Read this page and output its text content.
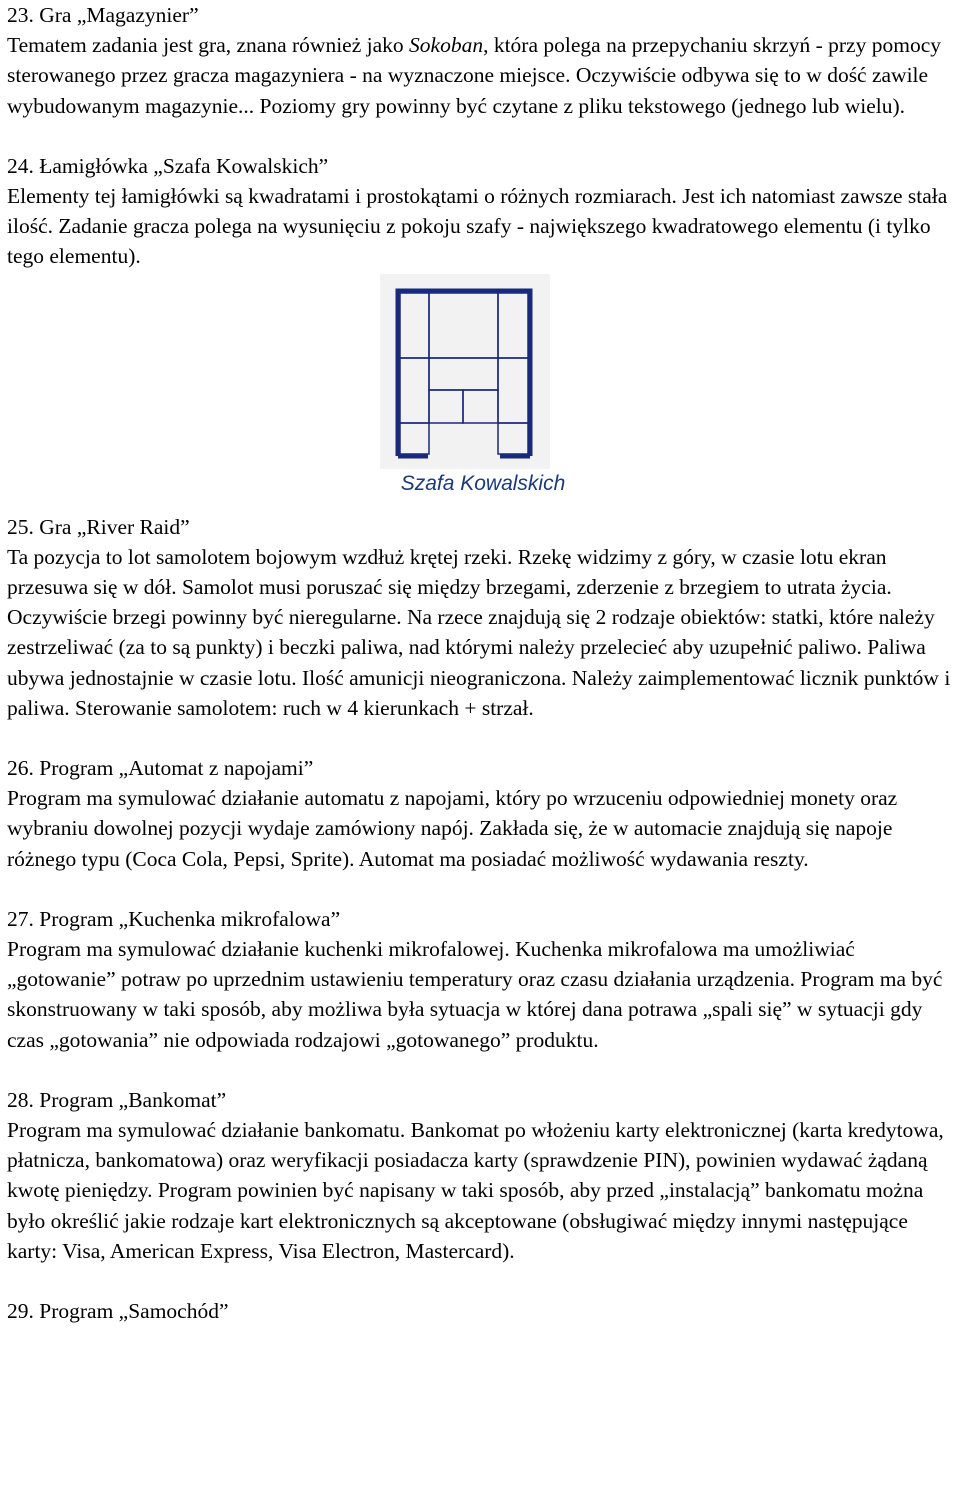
23. Gra „Magazynier”
Tematem zadania jest gra, znana również jako Sokoban, która polega na przepychaniu skrzyń - przy pomocy sterowanego przez gracza magazyniera - na wyznaczone miejsce. Oczywiście odbywa się to w dość zawile wybudowanym magazynie... Poziomy gry powinny być czytane z pliku tekstowego (jednego lub wielu).
24. Łamigłówka „Szafa Kowalskich”
Elementy tej łamigłówki są kwadratami i prostokątami o różnych rozmiarach. Jest ich natomiast zawsze stała ilość. Zadanie gracza polega na wysunięciu z pokoju szafy - największego kwadratowego elementu (i tylko tego elementu).
Szafa Kowalskich
25. Gra „River Raid”
Ta pozycja to lot samolotem bojowym wzdłuż krętej rzeki. Rzekę widzimy z góry, w czasie lotu ekran przesuwa się w dół. Samolot musi poruszać się między brzegami, zderzenie z brzegiem to utrata życia. Oczywiście brzegi powinny być nieregularne. Na rzece znajdują się 2 rodzaje obiektów: statki, które należy zestrzeliwać (za to są punkty) i beczki paliwa, nad którymi należy przelecieć aby uzupełnić paliwo. Paliwa ubywa jednostajnie w czasie lotu. Ilość amunicji nieograniczona. Należy zaimplementować licznik punktów i paliwa. Sterowanie samolotem: ruch w 4 kierunkach + strzał.
26. Program „Automat z napojami”
Program ma symulować działanie automatu z napojami, który po wrzuceniu odpowiedniej monety oraz wybraniu dowolnej pozycji wydaje zamówiony napój. Zakłada się, że w automacie znajdują się napoje różnego typu (Coca Cola, Pepsi, Sprite). Automat ma posiadać możliwość wydawania reszty.
27. Program „Kuchenka mikrofalowa”
Program ma symulować działanie kuchenki mikrofalowej. Kuchenka mikrofalowa ma umożliwiać „gotowanie” potraw po uprzednim ustawieniu temperatury oraz czasu działania urządzenia. Program ma być skonstruowany w taki sposób, aby możliwa była sytuacja w której dana potrawa „spali się” w sytuacji gdy czas „gotowania” nie odpowiada rodzajowi „gotowanego” produktu.
28. Program „Bankomat”
Program ma symulować działanie bankomatu. Bankomat po włożeniu karty elektronicznej (karta kredytowa, płatnicza, bankomatowa) oraz weryfikacji posiadacza karty (sprawdzenie PIN), powinien wydawać żądaną kwotę pieniędzy. Program powinien być napisany w taki sposób, aby przed „instalacją” bankomatu można było określić jakie rodzaje kart elektronicznych są akceptowane (obsługiwać między innymi następujące karty: Visa, American Express, Visa Electron, Mastercard).
29. Program „Samochód”
